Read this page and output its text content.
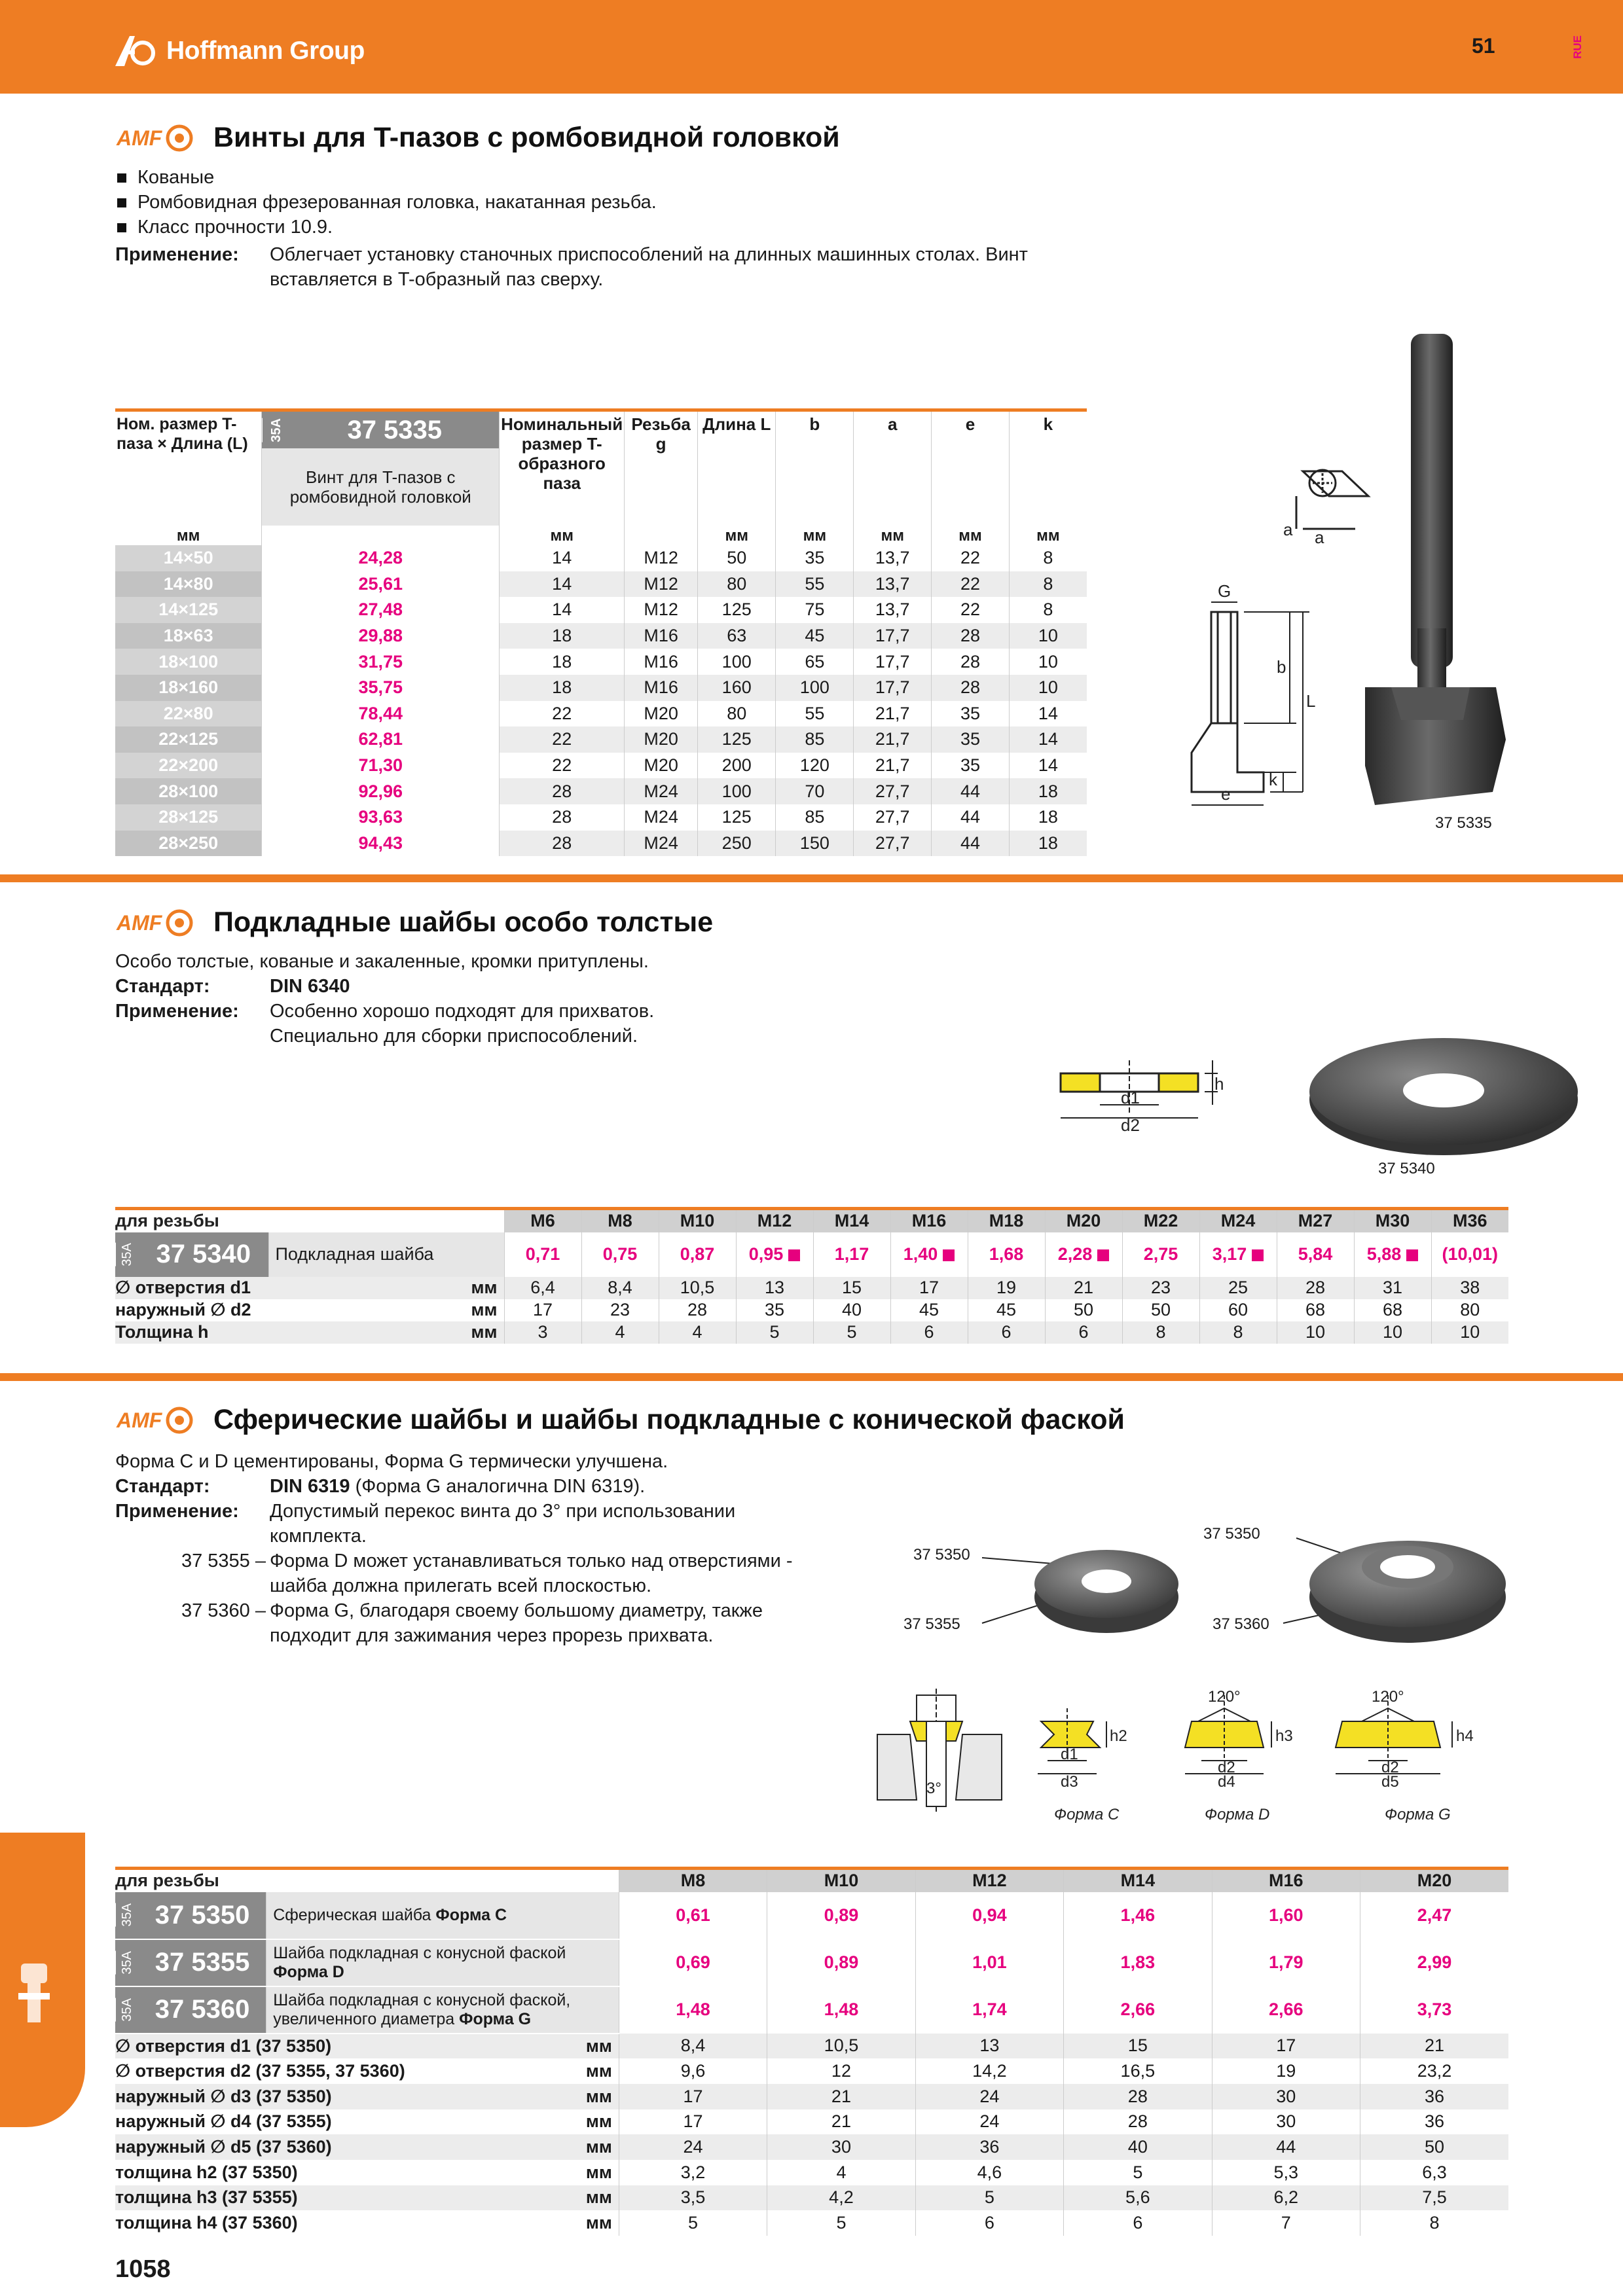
Hoffmann Group	51	RUE
AMF Винты для T-пазов с ромбовидной головкой
Кованые
Ромбовидная фрезерованная головка, накатанная резьба.
Класс прочности 10.9.
Применение:	Облегчает установку станочных приспособлений на длинных машинных столах. Винт вставляется в T-образный паз сверху.
Ном. размер T-паза × Длина (L)	35A 37 5335	Номинальный размер T-образного паза	Резьба g	Длина L	b	a	e	k
	Винт для T-пазов с ромбовидной головкой							
мм		мм		мм	мм	мм	мм	мм
14×50	24,28	14	M12	50	35	13,7	22	8
14×80	25,61	14	M12	80	55	13,7	22	8
14×125	27,48	14	M12	125	75	13,7	22	8
18×63	29,88	18	M16	63	45	17,7	28	10
18×100	31,75	18	M16	100	65	17,7	28	10
18×160	35,75	18	M16	160	100	17,7	28	10
22×80	78,44	22	M20	80	55	21,7	35	14
22×125	62,81	22	M20	125	85	21,7	35	14
22×200	71,30	22	M20	200	120	21,7	35	14
28×100	92,96	28	M24	100	70	27,7	44	18
28×125	93,63	28	M24	125	85	27,7	44	18
28×250	94,43	28	M24	250	150	27,7	44	18
G
b
L
k
e
a a
37 5335
AMF Подкладные шайбы особо толстые
Особо толстые, кованые и закаленные, кромки притуплены.
Стандарт:	DIN 6340
Применение:	Особенно хорошо подходят для прихватов.
Специально для сборки приспособлений.
h
d1
d2
37 5340
для резьбы		M6	M8	M10	M12	M14	M16	M18	M20	M22	M24	M27	M30	M36

35A 37 5340	Подкладная шайба	0,71	0,75	0,87	0,95	1,17	1,40	1,68	2,28	2,75	3,17	5,84	5,88	(10,01)
∅ отверстия d1	мм	6,4	8,4	10,5	13	15	17	19	21	23	25	28	31	38
наружный ∅ d2	мм	17	23	28	35	40	45	45	50	50	60	68	68	80
Толщина h	мм	3	4	4	5	5	6	6	6	8	8	10	10	10
AMF Сферические шайбы и шайбы подкладные с конической фаской
Форма C и D цементированы, Форма G термически улучшена.
Стандарт:	DIN 6319 (Форма G аналогична DIN 6319).
Применение:	Допустимый перекос винта до 3° при использовании комплекта.
37 5355 – Форма D может устанавливаться только над отверстиями - шайба должна прилегать всей плоскостью.
37 5360 – Форма G, благодаря своему большому диаметру, также подходит для зажимания через прорезь прихвата.
37 5350
37 5355
37 5350
37 5360
3°
h2
d1
d3
Форма C
120°
h3
d2
d4
Форма D
120°
h4
d2
d5
Форма G
для резьбы			M8	M10	M12	M14	M16	M20

35A 37 5350	Сферическая шайба Форма C		0,61	0,89	0,94	1,46	1,60	2,47

35A 37 5355	Шайба подкладная с конусной фаской Форма D		0,69	0,89	1,01	1,83	1,79	2,99

35A 37 5360	Шайба подкладная с конусной фаской, увеличенного диаметра Форма G		1,48	1,48	1,74	2,66	2,66	3,73
∅ отверстия d1 (37 5350)		мм	8,4	10,5	13	15	17	21
∅ отверстия d2 (37 5355, 37 5360)		мм	9,6	12	14,2	16,5	19	23,2
наружный ∅ d3 (37 5350)		мм	17	21	24	28	30	36
наружный ∅ d4 (37 5355)		мм	17	21	24	28	30	36
наружный ∅ d5 (37 5360)		мм	24	30	36	40	44	50
толщина h2 (37 5350)		мм	3,2	4	4,6	5	5,3	6,3
толщина h3 (37 5355)		мм	3,5	4,2	5	5,6	6,2	7,5
толщина h4 (37 5360)		мм	5	5	6	6	7	8
1058
